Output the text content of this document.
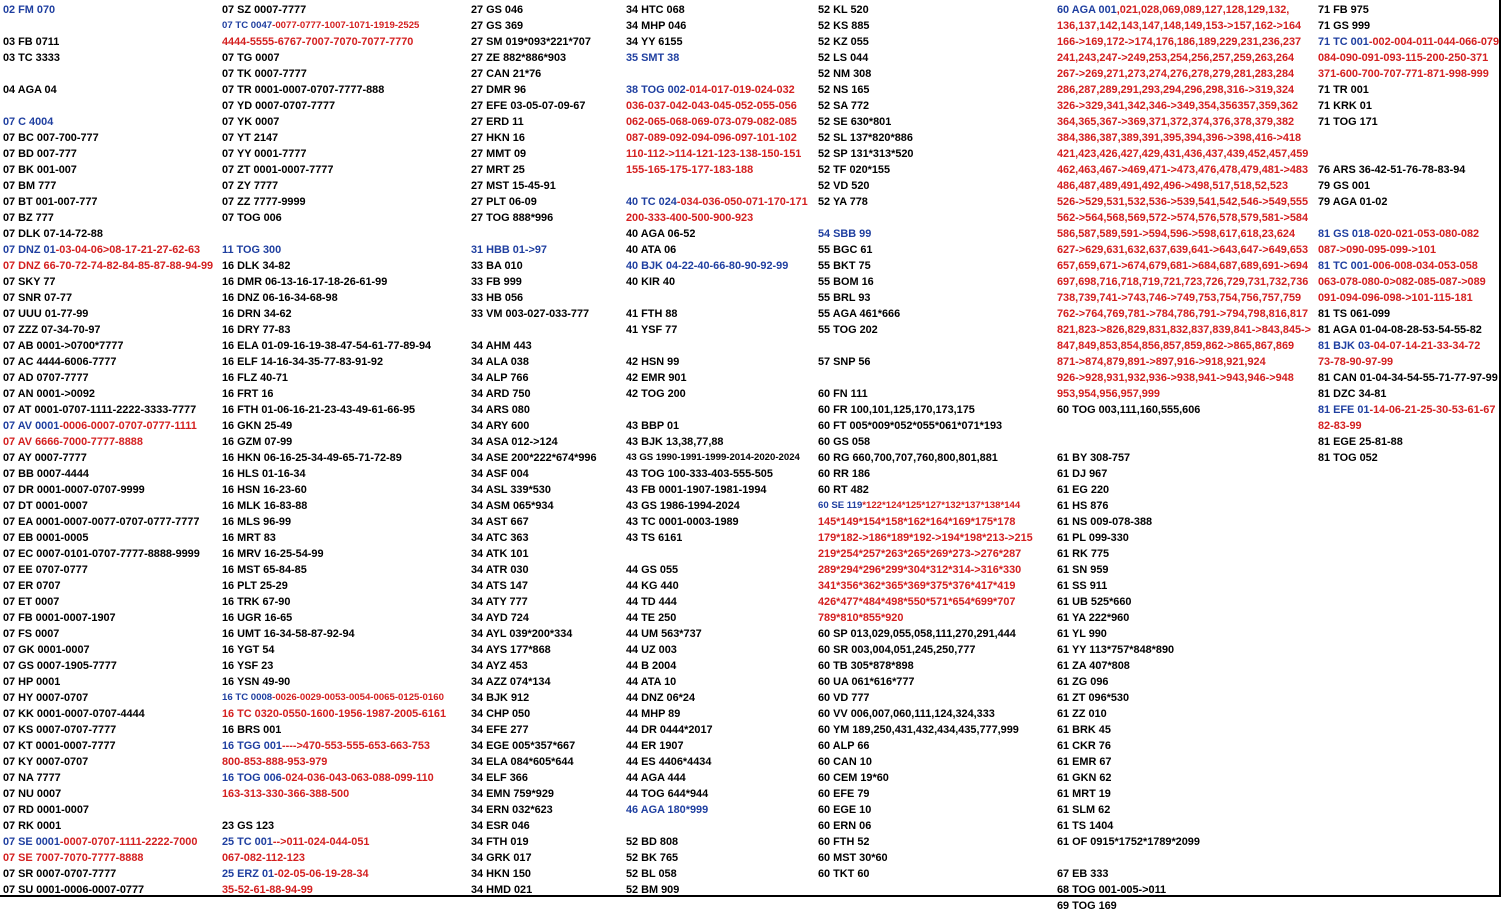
02 FM 070
03 FB 0711
03 TC 3333
04 AGA 04
07 C 4004
07 BC 007-700-777
07 BD 007-777
07 BK 001-007
07 BM 777
07 BT 001-007-777
07 BZ 777
07 DLK 07-14-72-88
07 DNZ 01-03-04-06>08-17-21-27-62-63
07 DNZ 66-70-72-74-82-84-85-87-88-94-99
07 SKY 77
07 SNR 07-77
07 UUU 01-77-99
07 ZZZ 07-34-70-97
07 AB 0001->0700*7777
07 AC 4444-6006-7777
07 AD 0707-7777
07 AN 0001->0092
07 AT 0001-0707-1111-2222-3333-7777
07 AV 0001-0006-0007-0707-0777-1111
07 AV 6666-7000-7777-8888
07 AY 0007-7777
07 BB 0007-4444
07 DR 0001-0007-0707-9999
07 DT 0001-0007
07 EA 0001-0007-0077-0707-0777-7777
07 EB 0001-0005
07 EC 0007-0101-0707-7777-8888-9999
07 EE 0707-0777
07 ER 0707
07 ET 0007
07 FB 0001-0007-1907
07 FS 0007
07 GK 0001-0007
07 GS 0007-1905-7777
07 HP 0001
07 HY 0007-0707
07 KK 0001-0007-0707-4444
07 KS 0007-0707-7777
07 KT 0001-0007-7777
07 KY 0007-0707
07 NA 7777
07 NU 0007
07 RD 0001-0007
07 RK 0001
07 SE 0001-0007-0707-1111-2222-7000
07 SE 7007-7070-7777-8888
07 SR 0007-0707-7777
07 SU 0001-0006-0007-0777
07 SZ 0007-7777
07 TC 0047-0077-0777-1007-1071-1919-2525
4444-5555-6767-7007-7070-7077-7770
07 TG 0007
07 TK 0007-7777
07 TR 0001-0007-0707-7777-888
07 YD 0007-0707-7777
07 YK 0007
07 YT 2147
07 YY 0001-7777
07 ZT 0001-0007-7777
07 ZY 7777
07 ZZ 7777-9999
07 TOG 006
11 TOG 300
16 DLK 34-82
16 DMR 06-13-16-17-18-26-61-99
16 DNZ 06-16-34-68-98
16 DRN 34-62
16 DRY 77-83
16 ELA 01-09-16-19-38-47-54-61-77-89-94
16 ELF 14-16-34-35-77-83-91-92
16 FLZ 40-71
16 FRT 16
16 FTH 01-06-16-21-23-43-49-61-66-95
16 GKN 25-49
16 GZM 07-99
16 HKN 06-16-25-34-49-65-71-72-89
16 HLS 01-16-34
16 HSN 16-23-60
16 MLK 16-83-88
16 MLS 96-99
16 MRT 83
16 MRV 16-25-54-99
16 MST 65-84-85
16 PLT 25-29
16 TRK 67-90
16 UGR 16-65
16 UMT 16-34-58-87-92-94
16 YGT 54
16 YSF 23
16 YSN 49-90
16 TC 0008-0026-0029-0053-0054-0065-0125-0160
16 TC 0320-0550-1600-1956-1987-2005-6161
16 BRS 001
16 TGG 001---->470-553-555-653-663-753
800-853-888-953-979
16 TOG 006-024-036-043-063-088-099-110
163-313-330-366-388-500
23 GS 123
25 TC 001-->011-024-044-051
067-082-112-123
25 ERZ 01-02-05-06-19-28-34
35-52-61-88-94-99
27 GS 046
27 GS 369
27 SM 019*093*221*707
27 ZE 882*886*903
27 CAN 21*76
27 DMR 96
27 EFE 03-05-07-09-67
27 ERD 11
27 HKN 16
27 MMT 09
27 MRT 25
27 MST 15-45-91
27 PLT 06-09
27 TOG 888*996
31 HBB 01->97
33 BA 010
33 FB 999
33 HB 056
33 VM 003-027-033-777
34 AHM 443
34 ALA 038
34 ALP 766
34 ARD 750
34 ARS 080
34 ARY 600
34 ASA 012->124
34 ASE 200*222*674*996
34 ASF 004
34 ASL 339*530
34 ASM 065*934
34 AST 667
34 ATC 363
34 ATK 101
34 ATR 030
34 ATS 147
34 ATY 777
34 AYD 724
34 AYL 039*200*334
34 AYS 177*868
34 AYZ 453
34 AZZ 074*134
34 BJK 912
34 CHP 050
34 EFE 277
34 EGE 005*357*667
34 ELA 084*605*644
34 ELF 366
34 EMN 759*929
34 ERN 032*623
34 ESR 046
34 FTH 019
34 GRK 017
34 HKN 150
34 HMD 021
34 HTC 068
34 MHP 046
34 YY 6155
35 SMT 38
38 TOG 002-014-017-019-024-032
036-037-042-043-045-052-055-056
062-065-068-069-073-079-082-085
087-089-092-094-096-097-101-102
110-112->114-121-123-138-150-151
155-165-175-177-183-188
40 TC 024-034-036-050-071-170-171
200-333-400-500-900-923
40 AGA 06-52
40 ATA 06
40 BJK 04-22-40-66-80-90-92-99
40 KIR 40
41 FTH 88
41 YSF 77
42 HSN 99
42 EMR 901
42 TOG 200
43 BBP 01
43 BJK 13,38,77,88
43 GS 1990-1991-1999-2014-2020-2024
43 TOG 100-333-403-555-505
43 FB 0001-1907-1981-1994
43 GS 1986-1994-2024
43 TC 0001-0003-1989
43 TS 6161
44 GS 055
44 KG 440
44 TD 444
44 TE 250
44 UM 563*737
44 UZ 003
44 B 2004
44 ATA 10
44 DNZ 06*24
44 MHP 89
44 DR 0444*2017
44 ER 1907
44 ES 4406*4434
44 AGA 444
44 TOG 644*944
46 AGA 180*999
52 BD 808
52 BK 765
52 BL 058
52 BM 909
52 KL 520
52 KS 885
52 KZ 055
52 LS 044
52 NM 308
52 NS 165
52 SA 772
52 SE 630*801
52 SL 137*820*886
52 SP 131*313*520
52 TF 020*155
52 VD 520
52 YA 778
54 SBB 99
55 BGC 61
55 BKT 75
55 BOM 16
55 BRL 93
55 AGA 461*666
55 TOG 202
57 SNP 56
60 FN 111
60 FR 100,101,125,170,173,175
60 FT 005*009*052*055*061*071*193
60 GS 058
60 RG 660,700,707,760,800,801,881
60 RR 186
60 RT 482
60 SE 119*122*124*125*127*132*137*138*144
145*149*154*158*162*164*169*175*178
179*182->186*189*192->194*198*213->215
219*254*257*263*265*269*273->276*287
289*294*296*299*304*312*314->316*330
341*356*362*365*369*375*376*417*419
426*477*484*498*550*571*654*699*707
789*810*855*920
60 SP 013,029,055,058,111,270,291,444
60 SR 003,004,051,245,250,777
60 TB 305*878*898
60 UA 061*616*777
60 VD 777
60 VV 006,007,060,111,124,324,333
60 YM 189,250,431,432,434,435,777,999
60 ALP 66
60 CAN 10
60 CEM 19*60
60 EFE 79
60 EGE 10
60 ERN 06
60 FTH 52
60 MST 30*60
60 TKT 60
60 AGA 001,021,028,069,089,127,128,129,132,
136,137,142,143,147,148,149,153->157,162->164
166->169,172->174,176,186,189,229,231,236,237
241,243,247->249,253,254,256,257,259,263,264
267->269,271,273,274,276,278,279,281,283,284
286,287,289,291,293,294,296,298,316->319,324
326->329,341,342,346->349,354,356357,359,362
364,365,367->369,371,372,374,376,378,379,382
384,386,387,389,391,395,394,396->398,416->418
421,423,426,427,429,431,436,437,439,452,457,459
462,463,467->469,471->473,476,478,479,481->483
486,487,489,491,492,496->498,517,518,52,523
526->529,531,532,536->539,541,542,546->549,555
562->564,568,569,572->574,576,578,579,581->584
586,587,589,591->594,596->598,617,618,23,624
627->629,631,632,637,639,641->643,647->649,653
657,659,671->674,679,681->684,687,689,691->694
697,698,716,718,719,721,723,726,729,731,732,736
738,739,741->743,746->749,753,754,756,757,759
762->764,769,781->784,786,791->794,798,816,817
821,823->826,829,831,832,837,839,841->843,845->
847,849,853,854,856,857,859,862->865,867,869
871->874,879,891->897,916->918,921,924
926->928,931,932,936->938,941->943,946->948
953,954,956,957,999
60 TOG 003,111,160,555,606
61 BY 308-757
61 DJ 967
61 EG 220
61 HS 876
61 NS 009-078-388
61 PL 099-330
61 RK 775
61 SN 959
61 SS 911
61 UB 525*660
61 YA 222*960
61 YL 990
61 YY 113*757*848*890
61 ZA 407*808
61 ZG 096
61 ZT 096*530
61 ZZ 010
61 BRK 45
61 CKR 76
61 EMR 67
61 GKN 62
61 MRT 19
61 SLM 62
61 TS 1404
61 OF 0915*1752*1789*2099
67 EB 333
68 TOG 001-005->011
69 TOG 169
71 FB 975
71 GS 999
71 TC 001-002-004-011-044-066-079
084-090-091-093-115-200-250-371
371-600-700-707-771-871-998-999
71 TR 001
71 KRK 01
71 TOG 171
76 ARS 36-42-51-76-78-83-94
79 GS 001
79 AGA 01-02
81 GS 018-020-021-053-080-082
087->090-095-099->101
81 TC 001-006-008-034-053-058
063-078-080-0>082-085-087->089
091-094-096-098->101-115-181
81 TS 061-099
81 AGA 01-04-08-28-53-54-55-82
81 BJK 03-04-07-14-21-33-34-72
73-78-90-97-99
81 CAN 01-04-34-54-55-71-77-97-99
81 DZC 34-81
81 EFE 01-14-06-21-25-30-53-61-67
82-83-99
81 EGE 25-81-88
81 TOG 052
